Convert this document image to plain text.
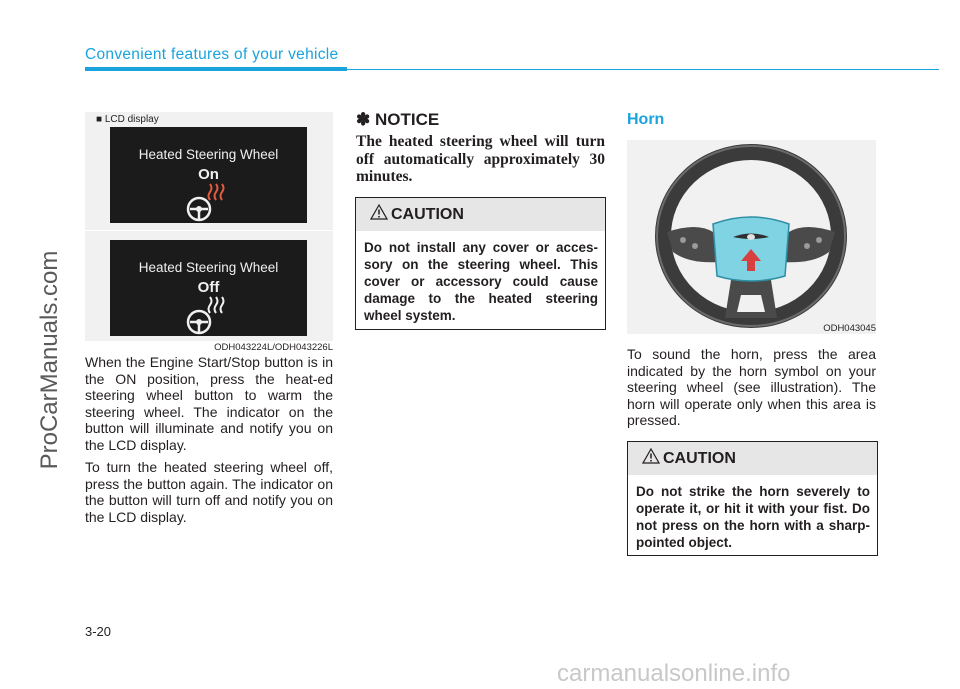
Convenient features of your vehicle
ProCarManuals.com	ODH043224L/ODH043226L
■ LCD display
Heated Steering Wheel
On
Heated Steering Wheel
Off

When the Engine Start/Stop button is in the ON position, press the heat-ed steering wheel button to warm the steering wheel. The indicator on the button will illuminate and notify you on the LCD display.

To turn the heated steering wheel off, press the button again. The indicator on the button will turn off and notify you on the LCD display.

✽ NOTICE
The heated steering wheel will turn off automatically approximately 30 minutes.
CAUTION
Do not install any cover or acces-sory on the steering wheel. This cover or accessory could cause damage to the heated steering wheel system.
Horn
ODH043045

To sound the horn, press the area indicated by the horn symbol on your steering wheel (see illustration). The horn will operate only when this area is pressed.

CAUTION
Do not strike the horn severely to operate it, or hit it with your fist. Do not press on the horn with a sharp-pointed object.
3-20
carmanualsonline.info
